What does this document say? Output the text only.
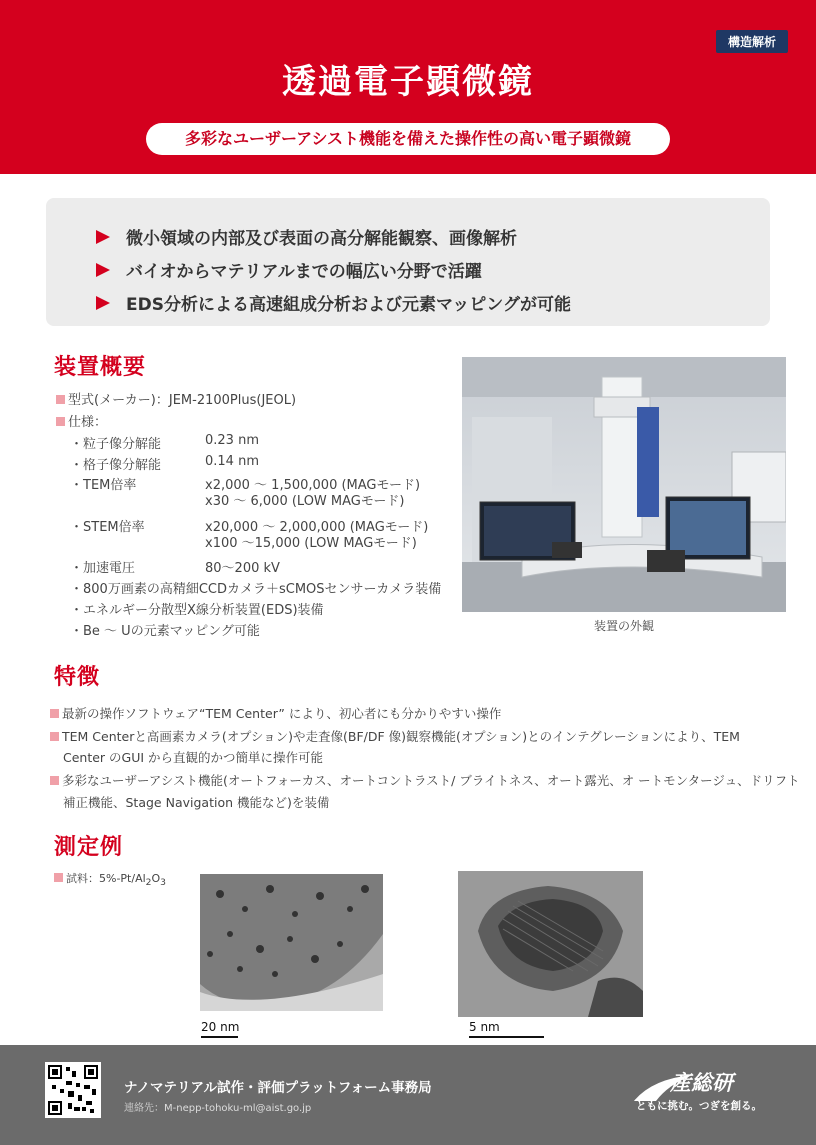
構造解析
透過電子顕微鏡
多彩なユーザーアシスト機能を備えた操作性の高い電子顕微鏡
微小領域の内部及び表面の高分解能観察、画像解析
バイオからマテリアルまでの幅広い分野で活躍
EDS分析による高速組成分析および元素マッピングが可能
装置概要
型式(メーカー)：JEM-2100Plus(JEOL)
仕様：
・粒子像分解能	0.23 nm
・格子像分解能	0.14 nm
・TEM倍率	x2,000 ～ 1,500,000 (MAGモード)
x30 ～ 6,000 (LOW MAGモード)
・STEM倍率	x20,000 ～ 2,000,000 (MAGモード)
x100 ～15,000 (LOW MAGモード)
・加速電圧	80～200 kV
・800万画素の高精細CCDカメラ＋sCMOSセンサーカメラ装備
・エネルギー分散型X線分析装置(EDS)装備
・Be ～ Uの元素マッピング可能	装置の外観
特徴
最新の操作ソフトウェア“TEM Center” により、初心者にも分かりやすい操作
TEM Centerと高画素カメラ(オプション)や走査像(BF/DF 像)観察機能(オプション)とのインテグレーションにより、TEM
Center のGUI から直観的かつ簡単に操作可能
多彩なユーザーアシスト機能(オートフォーカス、オートコントラスト/ ブライトネス、オート露光、オ ートモンタージュ、ドリフト
補正機能、Stage Navigation 機能など)を装備
測定例
試料：$5\%-Pt/Al_2O_3$
20 nm	5 nm
ナノマテリアル試作・評価プラットフォーム事務局
連絡先：M-nepp-tohoku-ml@aist.go.jp
産総研
ともに挑む。つぎを創る。
